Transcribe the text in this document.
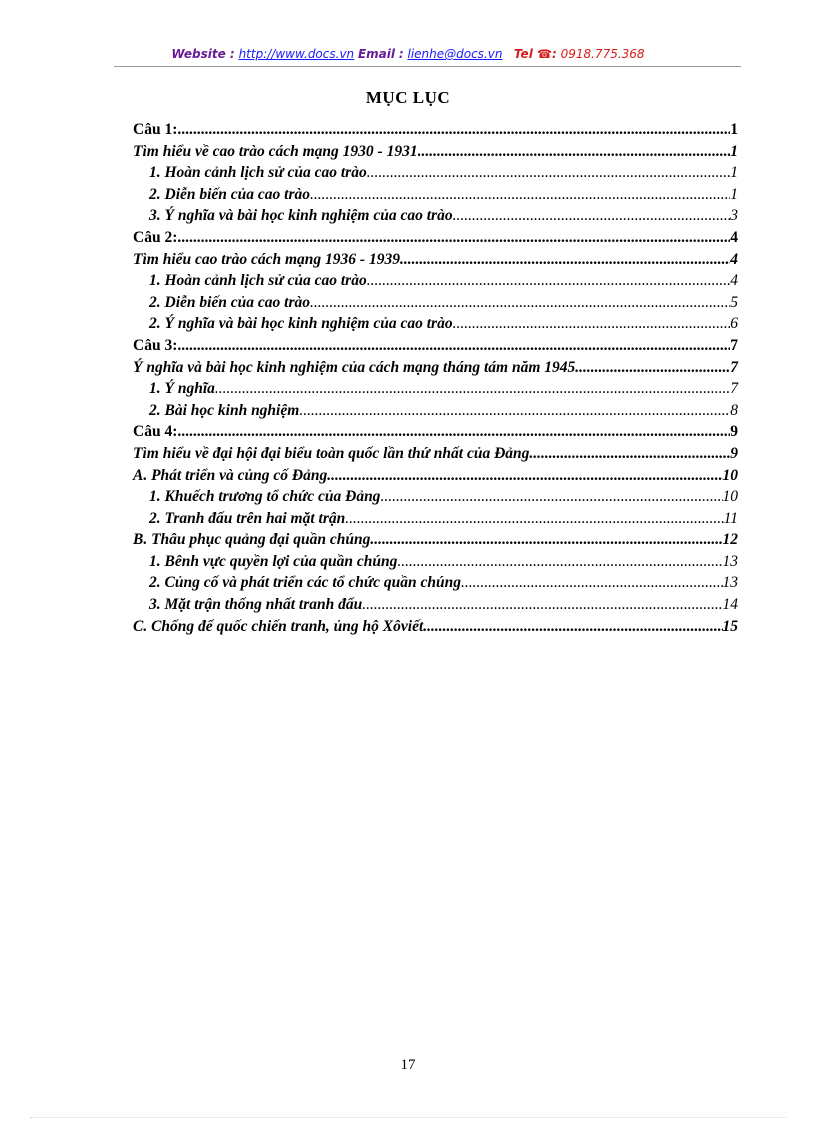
Website : http://www.docs.vn Email : lienhe@docs.vn Tel ☎: 0918.775.368
MỤC LỤC
Câu 1: .....	1
Tìm hiểu về cao trào cách mạng 1930 - 1931 .....	1
1. Hoàn cảnh lịch sử của cao trào .....	1
2. Diễn biến của cao trào .....	1
3. Ý nghĩa và bài học kinh nghiệm của cao trào .....	3
Câu 2: .....	4
Tìm hiểu cao trào cách mạng 1936 - 1939 .....	4
1. Hoàn cảnh lịch sử của cao trào .....	4
2. Diễn biến của cao trào .....	5
2. Ý nghĩa và bài học kinh nghiệm của cao trào .....	6
Câu 3: .....	7
Ý nghĩa và bài học kinh nghiệm của cách mạng tháng tám năm 1945 .....	7
1. Ý nghĩa .....	7
2. Bài học kinh nghiệm .....	8
Câu 4: .....	9
Tìm hiểu về đại hội đại biểu toàn quốc lần thứ nhất của Đảng .....	9
A. Phát triển và củng cố Đảng .....	10
1. Khuếch trương tổ chức của Đảng .....	10
2. Tranh đấu trên hai mặt trận .....	11
B. Thâu phục quảng đại quần chúng .....	12
1. Bênh vực quyền lợi của quần chúng .....	13
2. Củng cố và phát triển các tổ chức quần chúng .....	13
3. Mặt trận thống nhất tranh đấu .....	14
C. Chống đế quốc chiến tranh, ủng hộ Xôviết .....	15
17
